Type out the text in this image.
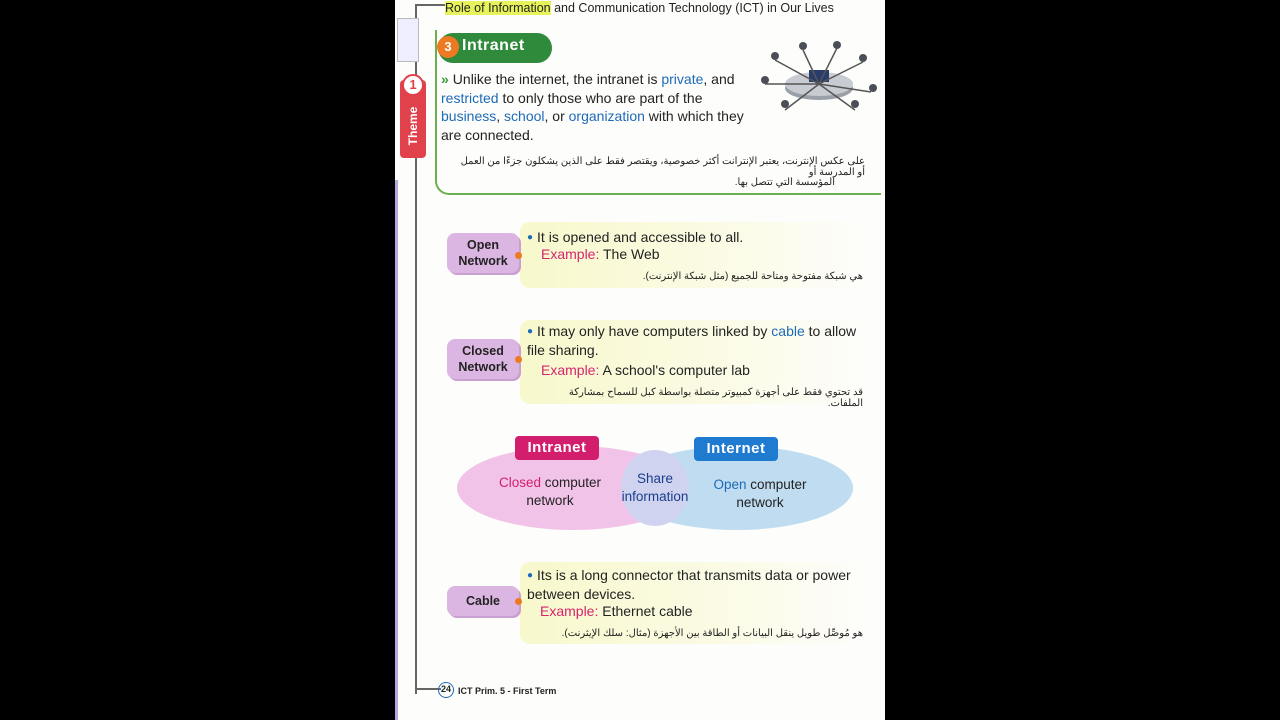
Role of Information and Communication Technology (ICT) in Our Lives
1
Theme
3 Intranet
» Unlike the internet, the intranet is private, and restricted to only those who are part of the business, school, or organization with which they are connected.
على عكس الإنترنت، يعتبر الإنترانت أكثر خصوصية، ويقتصر فقط على الذين يشكلون جزءًا من العمل أو المدرسة أو
المؤسسة التي تتصل بها.
Open Network
● It is opened and accessible to all.
Example: The Web
هي شبكة مفتوحة ومتاحة للجميع (مثل شبكة الإنترنت).
Closed Network
● It may only have computers linked by cable to allow file sharing.
Example: A school's computer lab
قد تحتوي فقط على أجهزة كمبيوتر متصلة بواسطة كبل للسماح بمشاركة الملفات.
Intranet	Internet
Closed computer network
Share information
Open computer network
Cable
● Its is a long connector that transmits data or power between devices.
Example: Ethernet cable
هو مُوصِّل طويل ينقل البيانات أو الطاقة بين الأجهزة (مثال: سلك الإيثرنت).
24 ICT Prim. 5 - First Term
